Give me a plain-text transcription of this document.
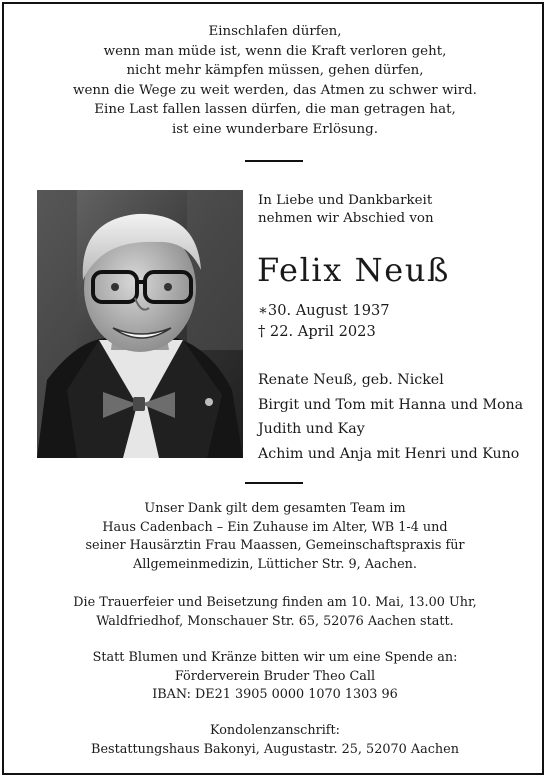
Einschlafen dürfen,
wenn man müde ist, wenn die Kraft verloren geht,
nicht mehr kämpfen müssen, gehen dürfen,
wenn die Wege zu weit werden, das Atmen zu schwer wird.
Eine Last fallen lassen dürfen, die man getragen hat,
ist eine wunderbare Erlösung.
In Liebe und Dankbarkeit
nehmen wir Abschied von
Felix Neuß
∗30. August 1937
† 22. April 2023
Renate Neuß, geb. Nickel
Birgit und Tom mit Hanna und Mona
Judith und Kay
Achim und Anja mit Henri und Kuno
Unser Dank gilt dem gesamten Team im
Haus Cadenbach – Ein Zuhause im Alter, WB 1-4 und
seiner Hausärztin Frau Maassen, Gemeinschaftspraxis für
Allgemeinmedizin, Lütticher Str. 9, Aachen.
Die Trauerfeier und Beisetzung finden am 10. Mai, 13.00 Uhr,
Waldfriedhof, Monschauer Str. 65, 52076 Aachen statt.
Statt Blumen und Kränze bitten wir um eine Spende an:
Förderverein Bruder Theo Call
IBAN: DE21 3905 0000 1070 1303 96
Kondolenzanschrift:
Bestattungshaus Bakonyi, Augustastr. 25, 52070 Aachen
